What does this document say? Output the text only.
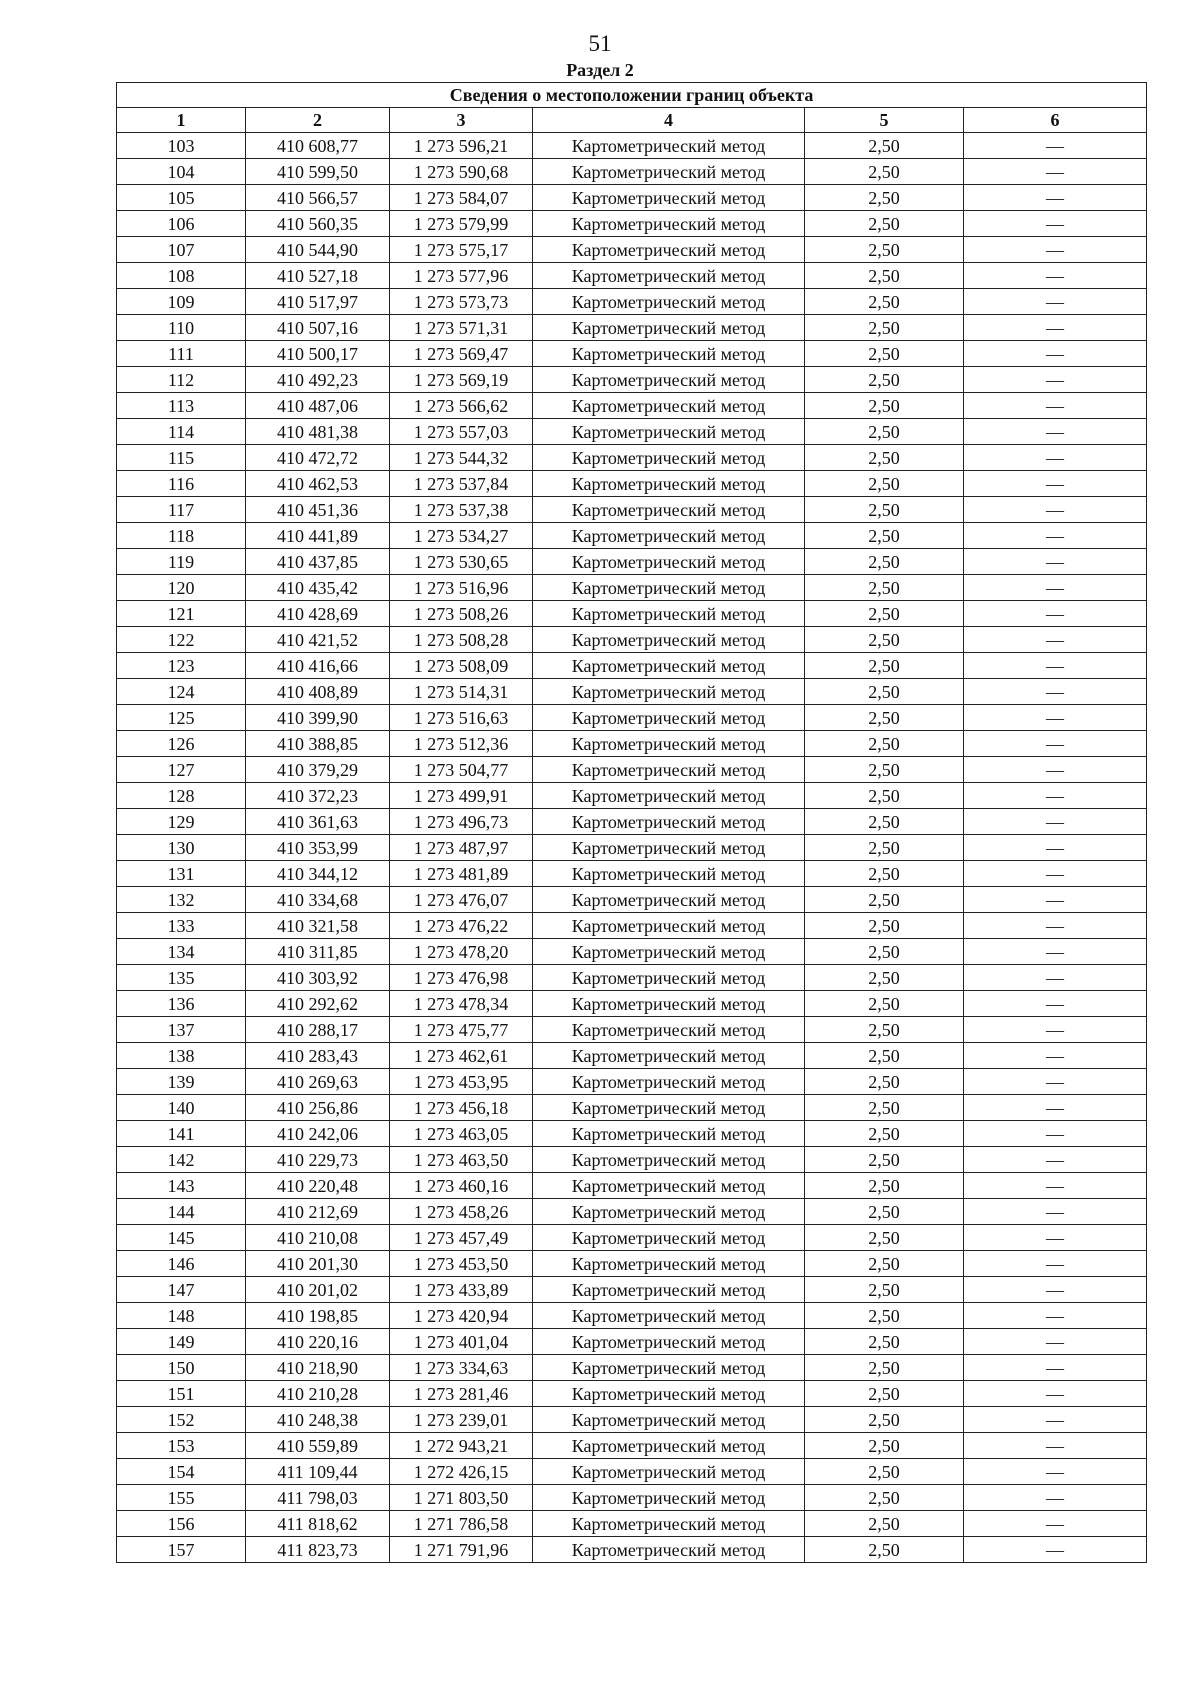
51
Раздел 2
Сведения о местоположении границ объекта					
1	2	3	4	5	6
103	410 608,77	1 273 596,21	Картометрический метод	2,50	—
104	410 599,50	1 273 590,68	Картометрический метод	2,50	—
105	410 566,57	1 273 584,07	Картометрический метод	2,50	—
106	410 560,35	1 273 579,99	Картометрический метод	2,50	—
107	410 544,90	1 273 575,17	Картометрический метод	2,50	—
108	410 527,18	1 273 577,96	Картометрический метод	2,50	—
109	410 517,97	1 273 573,73	Картометрический метод	2,50	—
110	410 507,16	1 273 571,31	Картометрический метод	2,50	—
111	410 500,17	1 273 569,47	Картометрический метод	2,50	—
112	410 492,23	1 273 569,19	Картометрический метод	2,50	—
113	410 487,06	1 273 566,62	Картометрический метод	2,50	—
114	410 481,38	1 273 557,03	Картометрический метод	2,50	—
115	410 472,72	1 273 544,32	Картометрический метод	2,50	—
116	410 462,53	1 273 537,84	Картометрический метод	2,50	—
117	410 451,36	1 273 537,38	Картометрический метод	2,50	—
118	410 441,89	1 273 534,27	Картометрический метод	2,50	—
119	410 437,85	1 273 530,65	Картометрический метод	2,50	—
120	410 435,42	1 273 516,96	Картометрический метод	2,50	—
121	410 428,69	1 273 508,26	Картометрический метод	2,50	—
122	410 421,52	1 273 508,28	Картометрический метод	2,50	—
123	410 416,66	1 273 508,09	Картометрический метод	2,50	—
124	410 408,89	1 273 514,31	Картометрический метод	2,50	—
125	410 399,90	1 273 516,63	Картометрический метод	2,50	—
126	410 388,85	1 273 512,36	Картометрический метод	2,50	—
127	410 379,29	1 273 504,77	Картометрический метод	2,50	—
128	410 372,23	1 273 499,91	Картометрический метод	2,50	—
129	410 361,63	1 273 496,73	Картометрический метод	2,50	—
130	410 353,99	1 273 487,97	Картометрический метод	2,50	—
131	410 344,12	1 273 481,89	Картометрический метод	2,50	—
132	410 334,68	1 273 476,07	Картометрический метод	2,50	—
133	410 321,58	1 273 476,22	Картометрический метод	2,50	—
134	410 311,85	1 273 478,20	Картометрический метод	2,50	—
135	410 303,92	1 273 476,98	Картометрический метод	2,50	—
136	410 292,62	1 273 478,34	Картометрический метод	2,50	—
137	410 288,17	1 273 475,77	Картометрический метод	2,50	—
138	410 283,43	1 273 462,61	Картометрический метод	2,50	—
139	410 269,63	1 273 453,95	Картометрический метод	2,50	—
140	410 256,86	1 273 456,18	Картометрический метод	2,50	—
141	410 242,06	1 273 463,05	Картометрический метод	2,50	—
142	410 229,73	1 273 463,50	Картометрический метод	2,50	—
143	410 220,48	1 273 460,16	Картометрический метод	2,50	—
144	410 212,69	1 273 458,26	Картометрический метод	2,50	—
145	410 210,08	1 273 457,49	Картометрический метод	2,50	—
146	410 201,30	1 273 453,50	Картометрический метод	2,50	—
147	410 201,02	1 273 433,89	Картометрический метод	2,50	—
148	410 198,85	1 273 420,94	Картометрический метод	2,50	—
149	410 220,16	1 273 401,04	Картометрический метод	2,50	—
150	410 218,90	1 273 334,63	Картометрический метод	2,50	—
151	410 210,28	1 273 281,46	Картометрический метод	2,50	—
152	410 248,38	1 273 239,01	Картометрический метод	2,50	—
153	410 559,89	1 272 943,21	Картометрический метод	2,50	—
154	411 109,44	1 272 426,15	Картометрический метод	2,50	—
155	411 798,03	1 271 803,50	Картометрический метод	2,50	—
156	411 818,62	1 271 786,58	Картометрический метод	2,50	—
157	411 823,73	1 271 791,96	Картометрический метод	2,50	—
